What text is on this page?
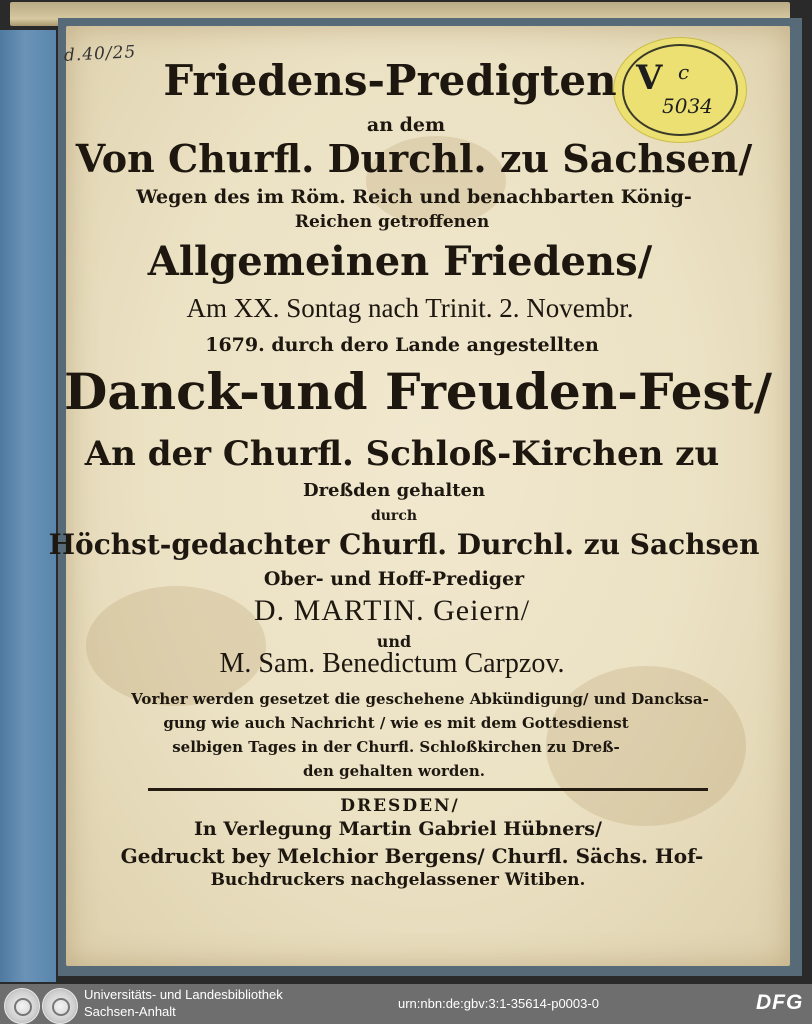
d.40/25
V c
5034
Friedens-Predigten
an dem
Von Churfl. Durchl. zu Sachsen/
Wegen des im Röm. Reich und benachbarten König-
Reichen getroffenen
Allgemeinen Friedens/
Am XX. Sontag nach Trinit. 2. Novembr.
1679. durch dero Lande angestellten
Danck-und Freuden-Fest/
An der Churfl. Schloß-Kirchen zu
Dreßden gehalten
durch
Höchst-gedachter Churfl. Durchl. zu Sachsen
Ober- und Hoff-Prediger
D. MARTIN. Geiern/
und
M. Sam. Benedictum Carpzov.
Vorher werden gesetzet die geschehene Abkündigung/ und Dancksa-
gung wie auch Nachricht / wie es mit dem Gottesdienst
selbigen Tages in der Churfl. Schloßkirchen zu Dreß-
den gehalten worden.
DRESDEN/
In Verlegung Martin Gabriel Hübners/
Gedruckt bey Melchior Bergens/ Churfl. Sächs. Hof-
Buchdruckers nachgelassener Witiben.
Universitäts- und Landesbibliothek
Sachsen-Anhalt
urn:nbn:de:gbv:3:1-35614-p0003-0	DFG
